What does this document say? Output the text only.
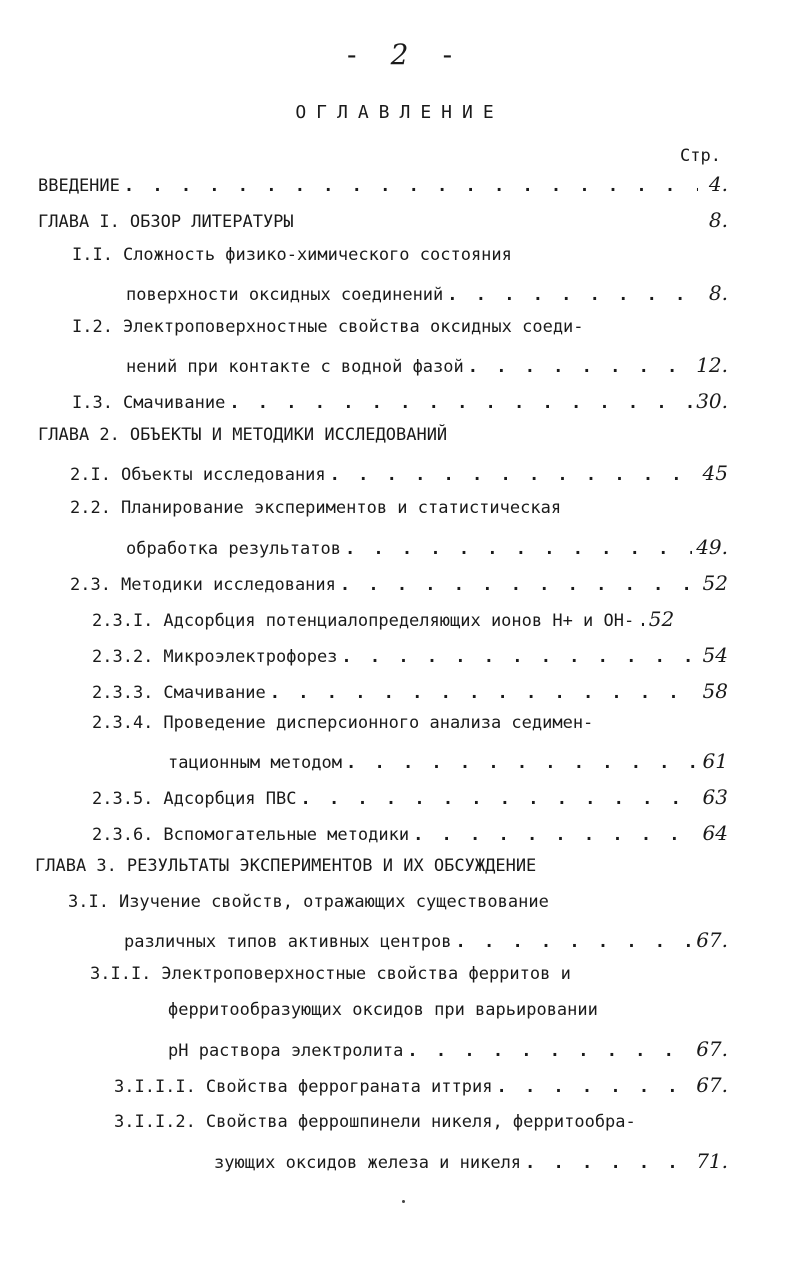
- 2 -
ОГЛАВЛЕНИЕ
Стр.
ВВЕДЕНИЕ . . .	4.
ГЛАВА I. ОБЗОР ЛИТЕРАТУРЫ	8.
I.I. Сложность физико-химического состояния
поверхности оксидных соединений . . .	8.
I.2. Электроповерхностные свойства оксидных соеди-
нений при контакте с водной фазой . . .	12.
I.3. Смачивание . . .	30.
ГЛАВА 2. ОБЪЕКТЫ И МЕТОДИКИ ИССЛЕДОВАНИЙ
2.I. Объекты исследования . . .	45
2.2. Планирование экспериментов и статистическая
обработка результатов . . .	49.
2.3. Методики исследования . . .	52
2.3.I. Адсорбция потенциалопределяющих ионов H+ и OH- . . . 52
2.3.2. Микроэлектрофорез . . .	54
2.3.3. Смачивание . . .	58
2.3.4. Проведение дисперсионного анализа седимен-
тационным методом . . .	61
2.3.5. Адсорбция ПВС . . .	63
2.3.6. Вспомогательные методики . . .	64
ГЛАВА 3. РЕЗУЛЬТАТЫ ЭКСПЕРИМЕНТОВ И ИХ ОБСУЖДЕНИЕ
3.I. Изучение свойств, отражающих существование
различных типов активных центров . . .	67.
3.I.I. Электроповерхностные свойства ферритов и
ферритообразующих оксидов при варьировании
pH раствора электролита . . .	67.
3.I.I.I. Свойства феррограната иттрия . . .	67.
3.I.I.2. Свойства феррошпинели никеля, ферритообра-
зующих оксидов железа и никеля . . .	71.
